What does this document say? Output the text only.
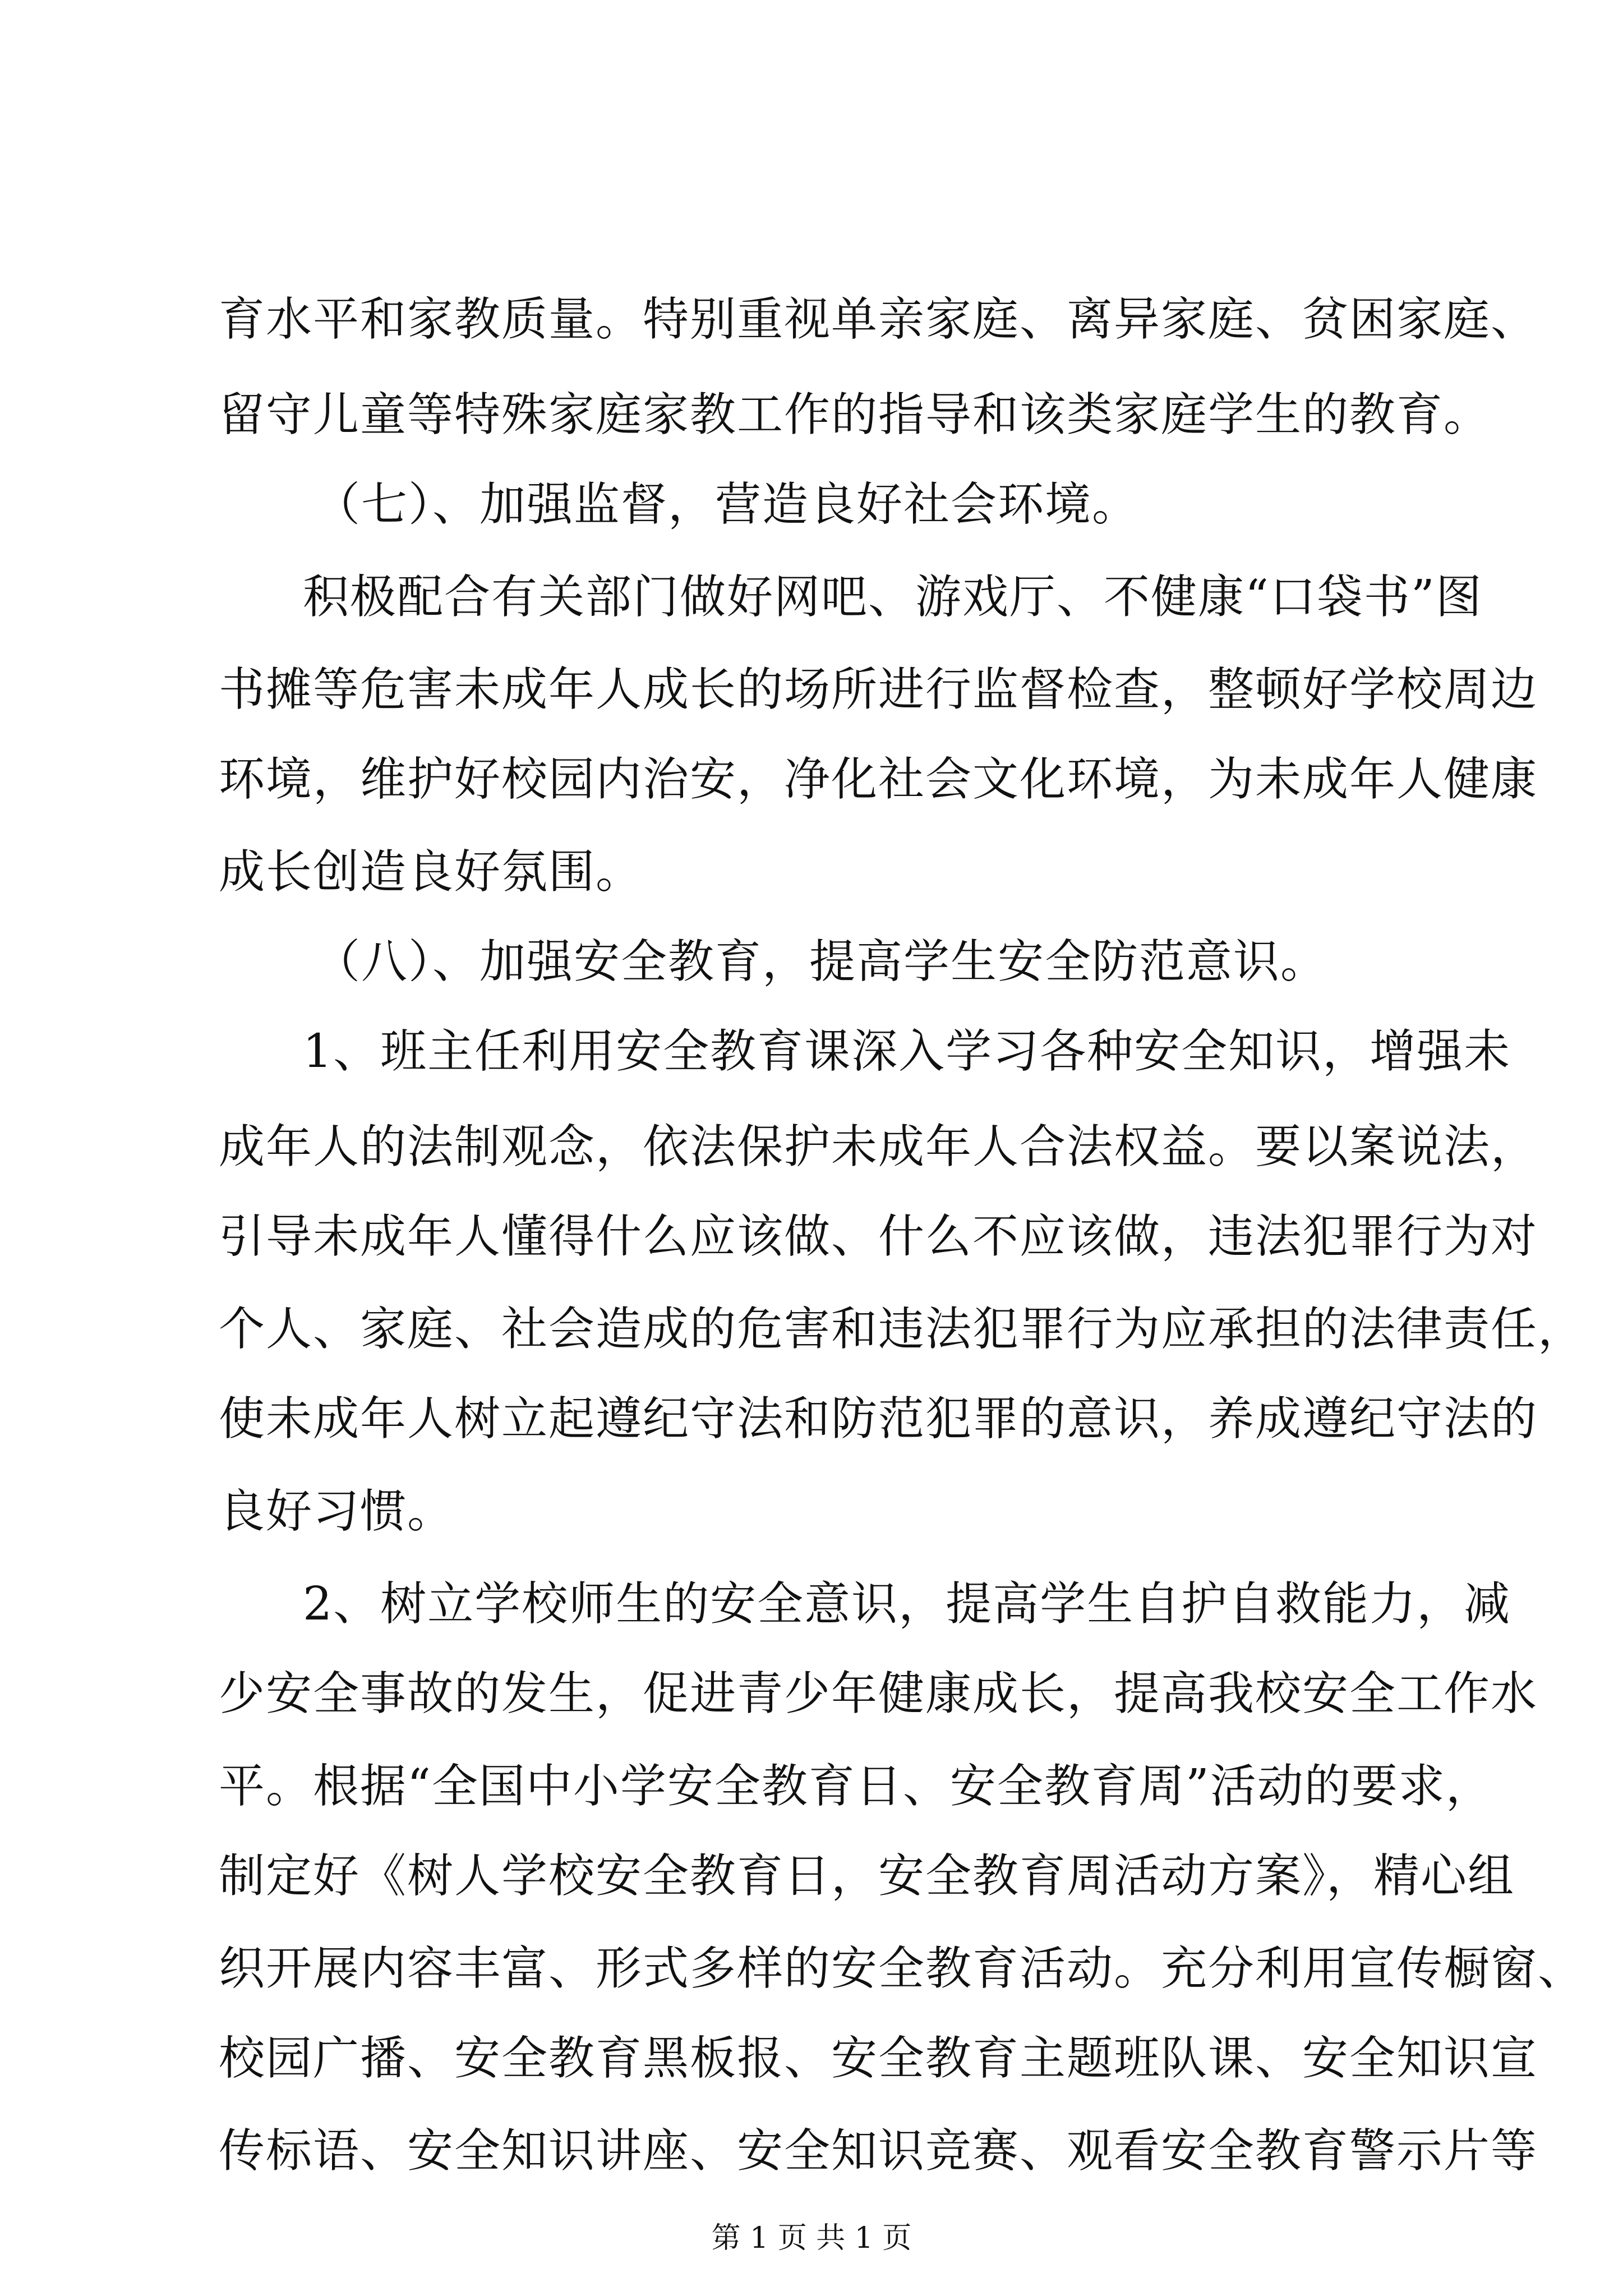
育水平和家教质量。特别重视单亲家庭、离异家庭、贫困家庭、
留守儿童等特殊家庭家教工作的指导和该类家庭学生的教育。
（七）、加强监督，营造良好社会环境。
积极配合有关部门做好网吧、游戏厅、不健康“口袋书”图
书摊等危害未成年人成长的场所进行监督检查，整顿好学校周边
环境，维护好校园内治安，净化社会文化环境，为未成年人健康
成长创造良好氛围。
（八）、加强安全教育，提高学生安全防范意识。
1、班主任利用安全教育课深入学习各种安全知识，增强未
成年人的法制观念，依法保护未成年人合法权益。要以案说法，
引导未成年人懂得什么应该做、什么不应该做，违法犯罪行为对
个人、家庭、社会造成的危害和违法犯罪行为应承担的法律责任，
使未成年人树立起遵纪守法和防范犯罪的意识，养成遵纪守法的
良好习惯。
2、树立学校师生的安全意识，提高学生自护自救能力，减
少安全事故的发生，促进青少年健康成长，提高我校安全工作水
平。根据“全国中小学安全教育日、安全教育周”活动的要求，
制定好《树人学校安全教育日，安全教育周活动方案》，精心组
织开展内容丰富、形式多样的安全教育活动。充分利用宣传橱窗、
校园广播、安全教育黑板报、安全教育主题班队课、安全知识宣
传标语、安全知识讲座、安全知识竞赛、观看安全教育警示片等
第 1 页 共 1 页
